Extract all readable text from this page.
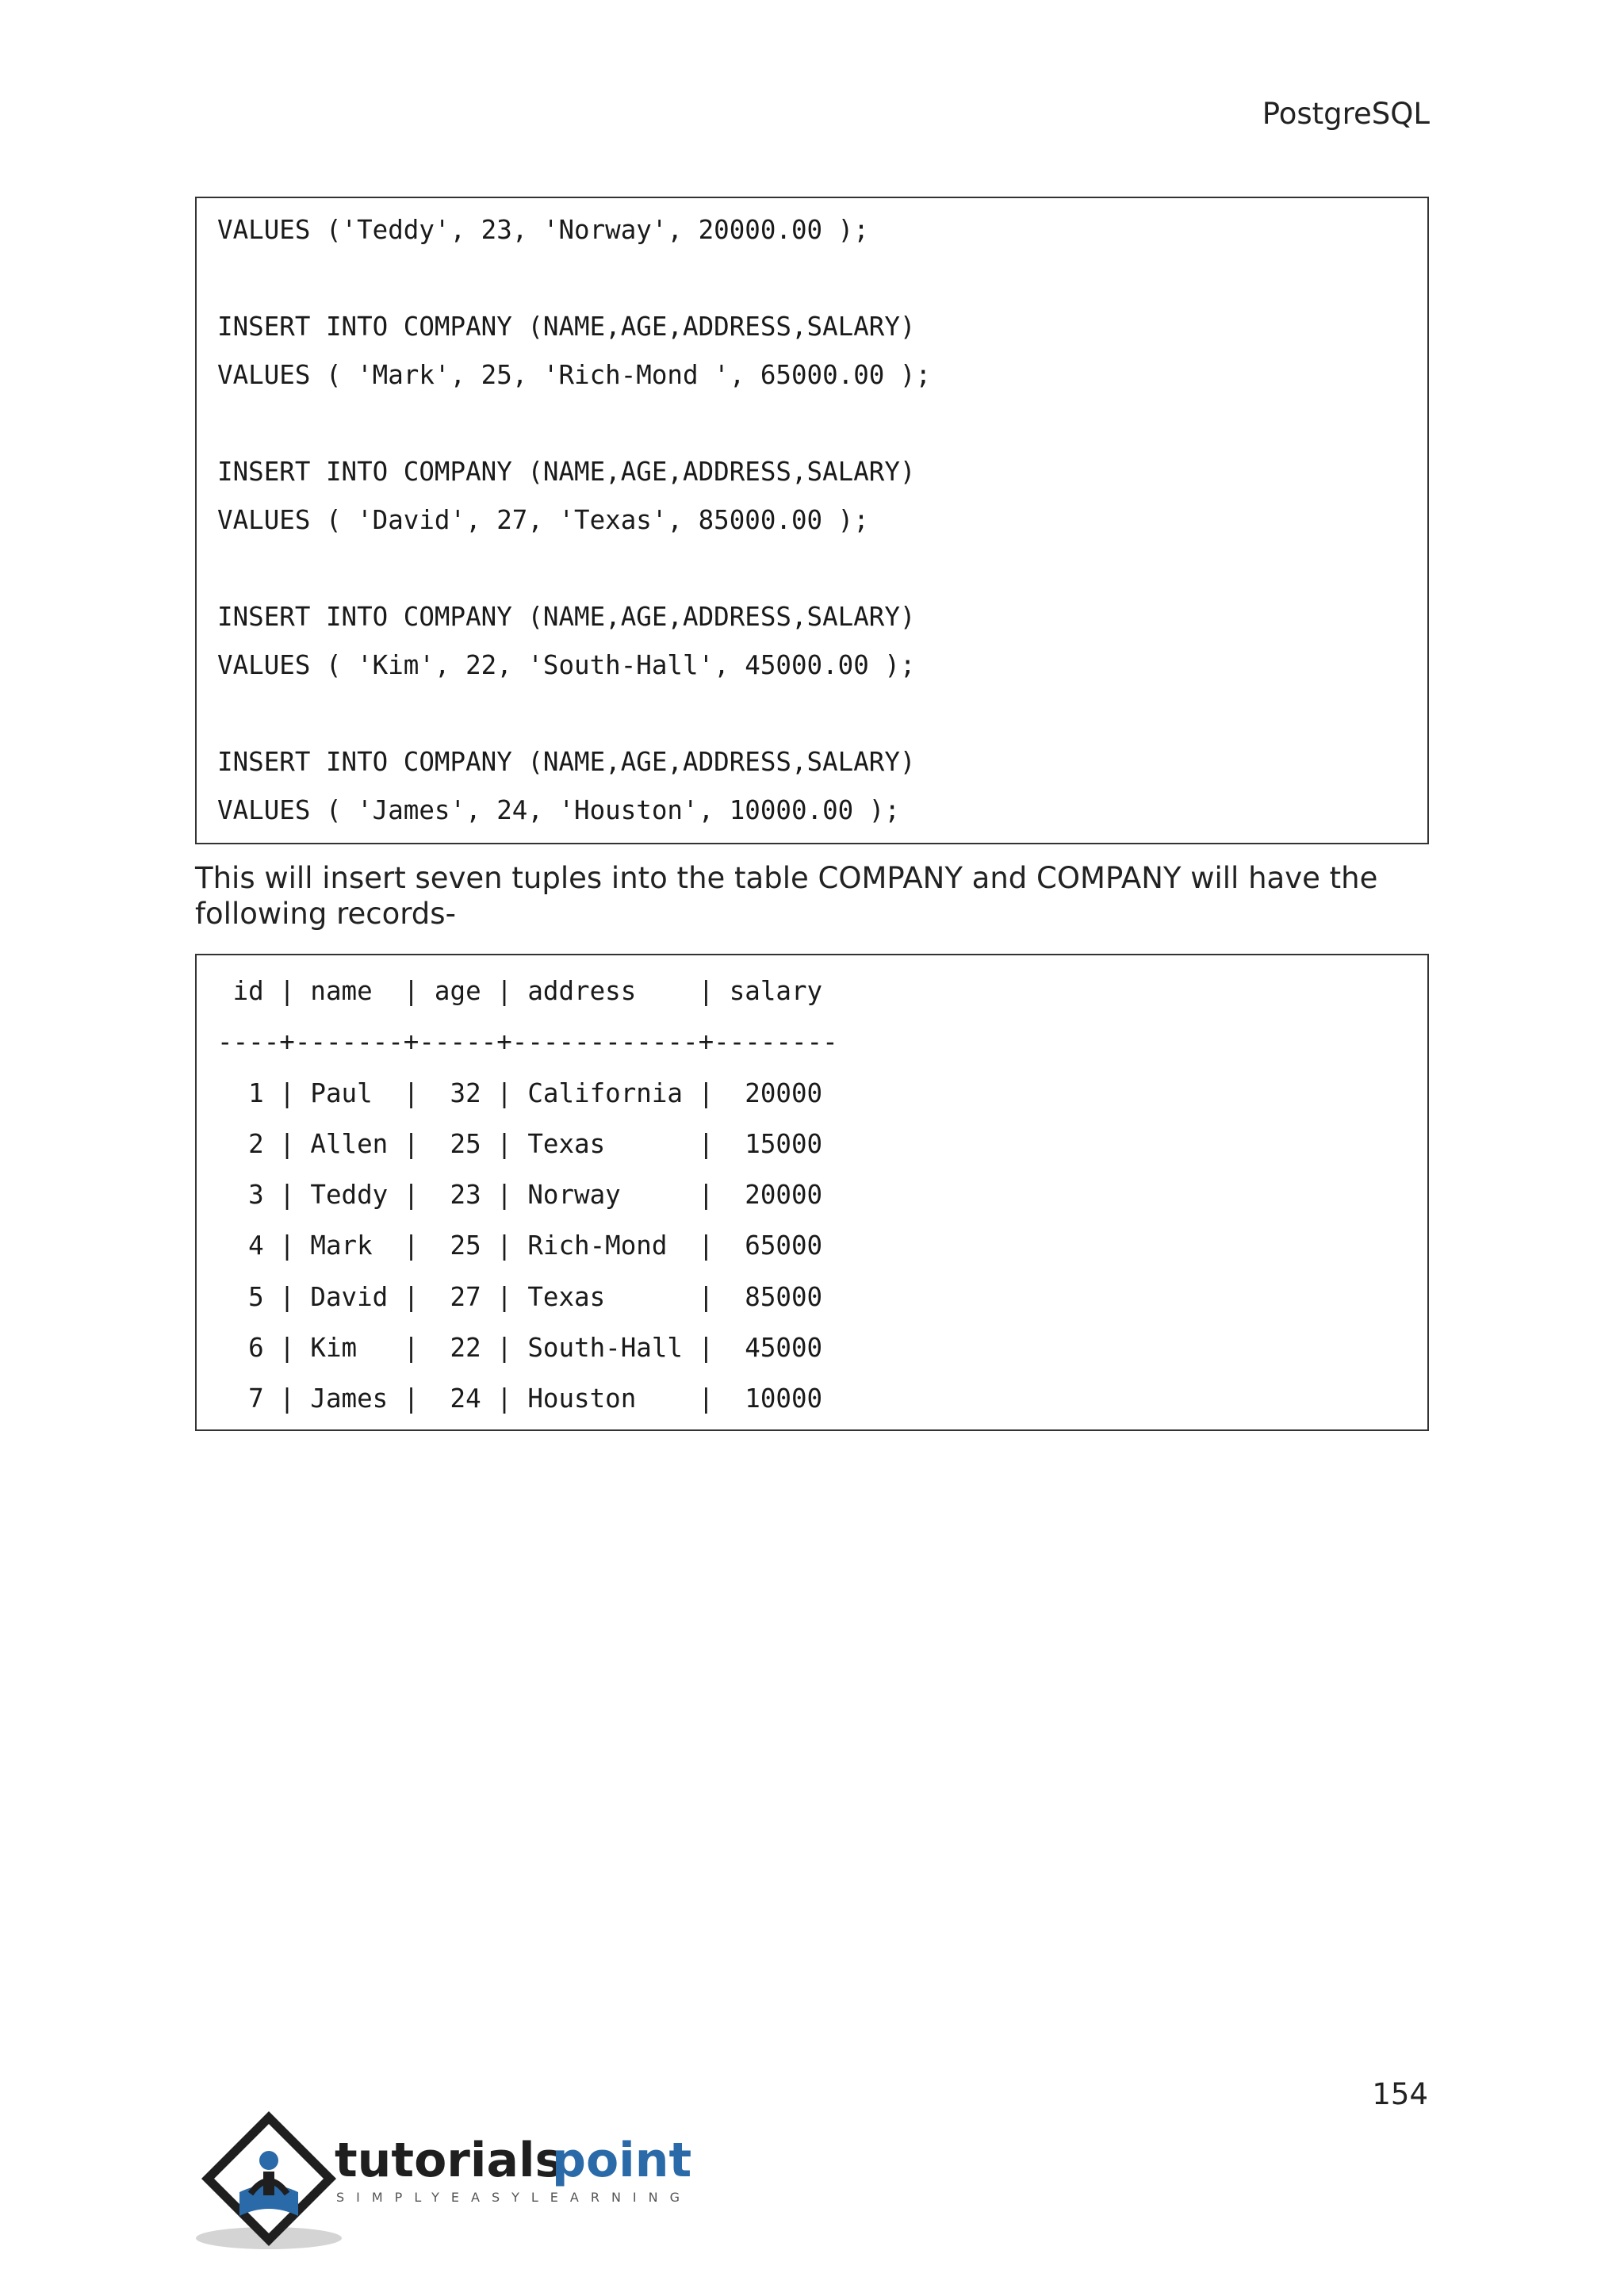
PostgreSQL
VALUES ('Teddy', 23, 'Norway', 20000.00 );
INSERT INTO COMPANY (NAME,AGE,ADDRESS,SALARY)
VALUES ( 'Mark', 25, 'Rich-Mond ', 65000.00 );
INSERT INTO COMPANY (NAME,AGE,ADDRESS,SALARY)
VALUES ( 'David', 27, 'Texas', 85000.00 );
INSERT INTO COMPANY (NAME,AGE,ADDRESS,SALARY)
VALUES ( 'Kim', 22, 'South-Hall', 45000.00 );
INSERT INTO COMPANY (NAME,AGE,ADDRESS,SALARY)
VALUES ( 'James', 24, 'Houston', 10000.00 );

This will insert seven tuples into the table COMPANY and COMPANY will have the following records-

id | name  | age | address    | salary
----+-------+-----+------------+--------
1 | Paul  |  32 | California |  20000
2 | Allen |  25 | Texas      |  15000
3 | Teddy |  23 | Norway     |  20000
4 | Mark  |  25 | Rich-Mond  |  65000
5 | David |  27 | Texas      |  85000
6 | Kim   |  22 | South-Hall |  45000
7 | James |  24 | Houston    |  10000
154
tutorials
point
SIMPLYEASYLEARNING
